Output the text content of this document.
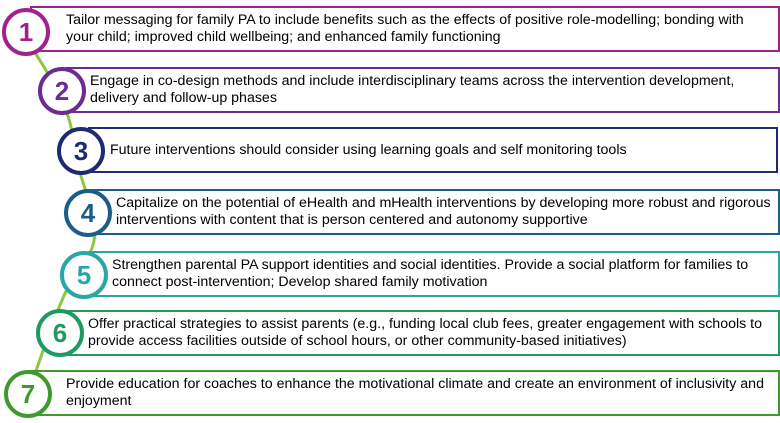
Tailor messaging for family PA to include benefits such as the effects of positive role-modelling; bonding with your child; improved child wellbeing; and enhanced family functioning
1
Engage in co-design methods and include interdisciplinary teams across the intervention development, delivery and follow-up phases
2
Future interventions should consider using learning goals and self monitoring tools
3
Capitalize on the potential of eHealth and mHealth interventions by developing more robust and rigorous interventions with content that is person centered and autonomy supportive
4
Strengthen parental PA support identities and social identities. Provide a social platform for families to connect post-intervention; Develop shared family motivation
5
Offer practical strategies to assist parents (e.g., funding local club fees, greater engagement with schools to provide access facilities outside of school hours, or other community-based initiatives)
6
Provide education for coaches to enhance the motivational climate and create an environment of inclusivity and enjoyment
7
